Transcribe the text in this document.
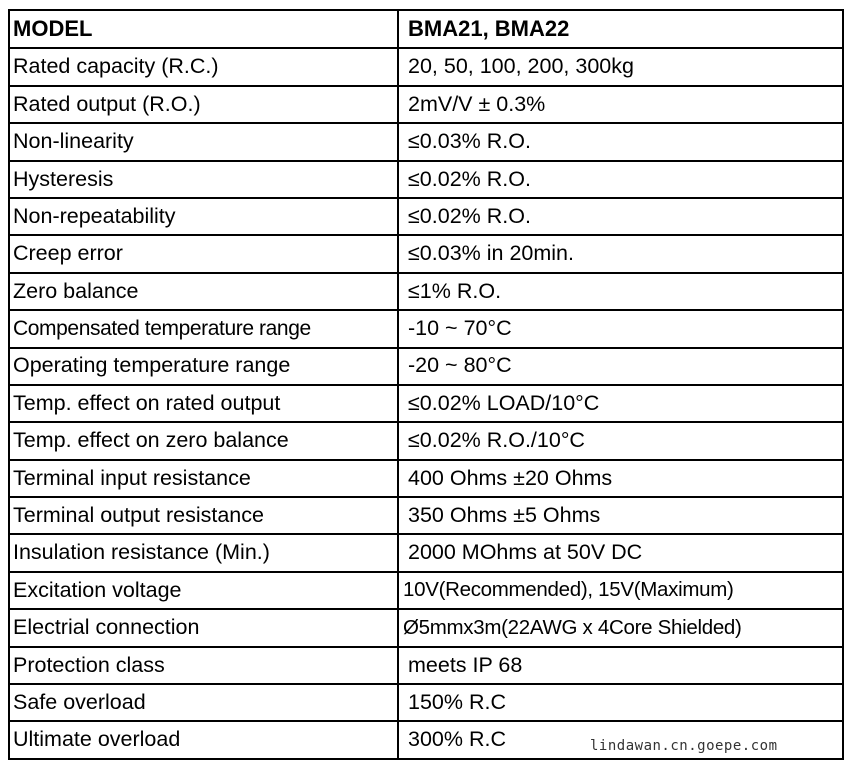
MODEL	BMA21, BMA22
Rated capacity (R.C.)	20, 50, 100, 200, 300kg
Rated output (R.O.)	2mV/V ± 0.3%
Non-linearity	≤0.03% R.O.
Hysteresis	≤0.02% R.O.
Non-repeatability	≤0.02% R.O.
Creep error	≤0.03% in 20min.
Zero balance	≤1% R.O.
Compensated temperature range	-10 ~ 70°C
Operating temperature range	-20 ~ 80°C
Temp. effect on rated output	≤0.02% LOAD/10°C
Temp. effect on zero balance	≤0.02% R.O./10°C
Terminal input resistance	400 Ohms ±20 Ohms
Terminal output resistance	350 Ohms ±5 Ohms
Insulation resistance (Min.)	2000 MOhms at 50V DC
Excitation voltage	10V(Recommended), 15V(Maximum)
Electrial connection	Ø5mmx3m(22AWG x 4Core Shielded)
Protection class	meets IP 68
Safe overload	150% R.C
Ultimate overload	300% R.C	lindawan.cn.goepe.com
